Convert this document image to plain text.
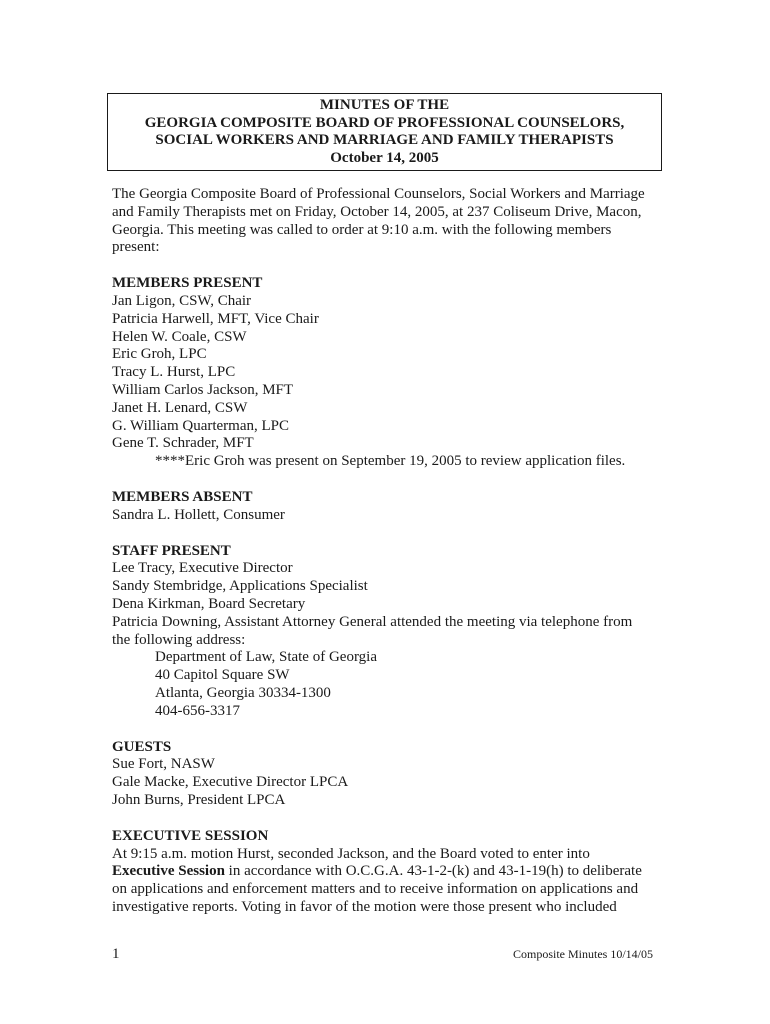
MINUTES OF THE
GEORGIA COMPOSITE BOARD OF PROFESSIONAL COUNSELORS,
SOCIAL WORKERS AND MARRIAGE AND FAMILY THERAPISTS
October 14, 2005
The Georgia Composite Board of Professional Counselors, Social Workers and Marriage
and Family Therapists met on Friday, October 14, 2005, at 237 Coliseum Drive, Macon,
Georgia. This meeting was called to order at 9:10 a.m. with the following members
present:
MEMBERS PRESENT
Jan Ligon, CSW, Chair
Patricia Harwell, MFT, Vice Chair
Helen W. Coale, CSW
Eric Groh, LPC
Tracy L. Hurst, LPC
William Carlos Jackson, MFT
Janet H. Lenard, CSW
G. William Quarterman, LPC
Gene T. Schrader, MFT
****Eric Groh was present on September 19, 2005 to review application files.
MEMBERS ABSENT
Sandra L. Hollett, Consumer
STAFF PRESENT
Lee Tracy, Executive Director
Sandy Stembridge, Applications Specialist
Dena Kirkman, Board Secretary
Patricia Downing, Assistant Attorney General attended the meeting via telephone from
the following address:
Department of Law, State of Georgia
40 Capitol Square SW
Atlanta, Georgia 30334-1300
404-656-3317
GUESTS
Sue Fort, NASW
Gale Macke, Executive Director LPCA
John Burns, President LPCA
EXECUTIVE SESSION
At 9:15 a.m. motion Hurst, seconded Jackson, and the Board voted to enter into
Executive Session in accordance with O.C.G.A. 43-1-2-(k) and 43-1-19(h) to deliberate
on applications and enforcement matters and to receive information on applications and
investigative reports. Voting in favor of the motion were those present who included
1	Composite Minutes 10/14/05
